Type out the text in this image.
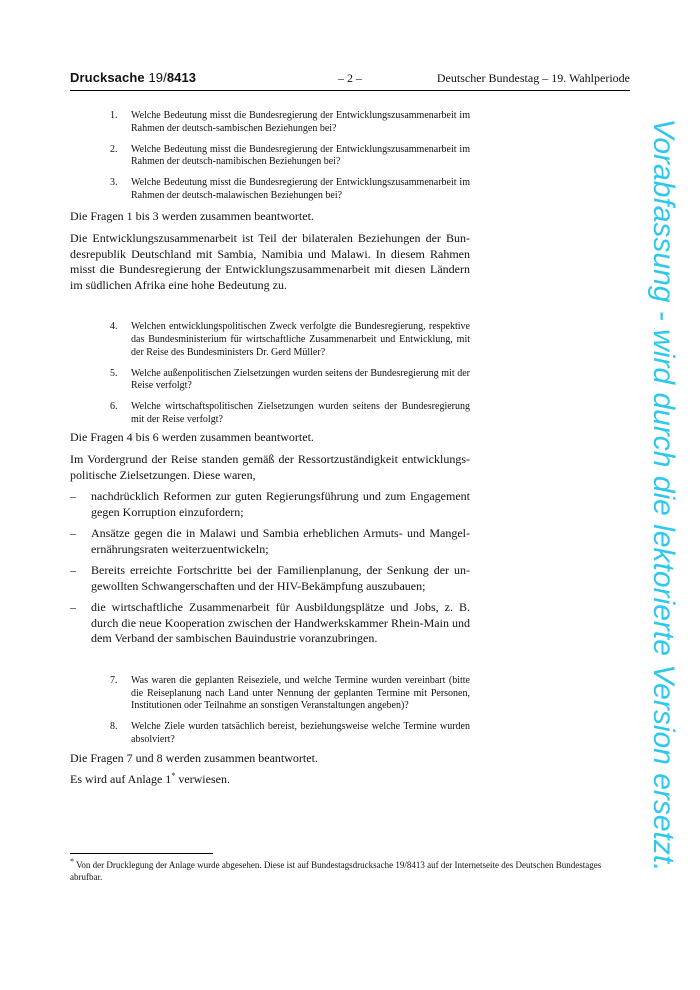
Drucksache 19/8413	– 2 –	Deutscher Bundestag – 19. Wahlperiode
1. Welche Bedeutung misst die Bundesregierung der Entwicklungszusammenarbeit im Rahmen der deutsch-sambischen Beziehungen bei?
2. Welche Bedeutung misst die Bundesregierung der Entwicklungszusammenarbeit im Rahmen der deutsch-namibischen Beziehungen bei?
3. Welche Bedeutung misst die Bundesregierung der Entwicklungszusammenarbeit im Rahmen der deutsch-malawischen Beziehungen bei?

Die Fragen 1 bis 3 werden zusammen beantwortet.

Die Entwicklungszusammenarbeit ist Teil der bilateralen Beziehungen der Bundesrepublik Deutschland mit Sambia, Namibia und Malawi. In diesem Rahmen misst die Bundesregierung der Entwicklungszusammenarbeit mit diesen Ländern im südlichen Afrika eine hohe Bedeutung zu.

4. Welchen entwicklungspolitischen Zweck verfolgte die Bundesregierung, respektive das Bundesministerium für wirtschaftliche Zusammenarbeit und Entwicklung, mit der Reise des Bundesministers Dr. Gerd Müller?
5. Welche außenpolitischen Zielsetzungen wurden seitens der Bundesregierung mit der Reise verfolgt?
6. Welche wirtschaftspolitischen Zielsetzungen wurden seitens der Bundesregierung mit der Reise verfolgt?

Die Fragen 4 bis 6 werden zusammen beantwortet.

Im Vordergrund der Reise standen gemäß der Ressortzuständigkeit entwicklungspolitische Zielsetzungen. Diese waren,

– nachdrücklich Reformen zur guten Regierungsführung und zum Engagement gegen Korruption einzufordern;
– Ansätze gegen die in Malawi und Sambia erheblichen Armuts- und Mangelernährungsraten weiterzuentwickeln;
– Bereits erreichte Fortschritte bei der Familienplanung, der Senkung der ungewollten Schwangerschaften und der HIV-Bekämpfung auszubauen;
– die wirtschaftliche Zusammenarbeit für Ausbildungsplätze und Jobs, z. B. durch die neue Kooperation zwischen der Handwerkskammer Rhein-Main und dem Verband der sambischen Bauindustrie voranzubringen.
7. Was waren die geplanten Reiseziele, und welche Termine wurden vereinbart (bitte die Reiseplanung nach Land unter Nennung der geplanten Termine mit Personen, Institutionen oder Teilnahme an sonstigen Veranstaltungen angeben)?
8. Welche Ziele wurden tatsächlich bereist, beziehungsweise welche Termine wurden absolviert?

Die Fragen 7 und 8 werden zusammen beantwortet.

Es wird auf Anlage 1* verwiesen.

* Von der Drucklegung der Anlage wurde abgesehen. Diese ist auf Bundestagsdrucksache 19/8413 auf der Internetseite des Deutschen Bundestages abrufbar.
Vorabfassung - wird durch die lektorierte Version ersetzt.
